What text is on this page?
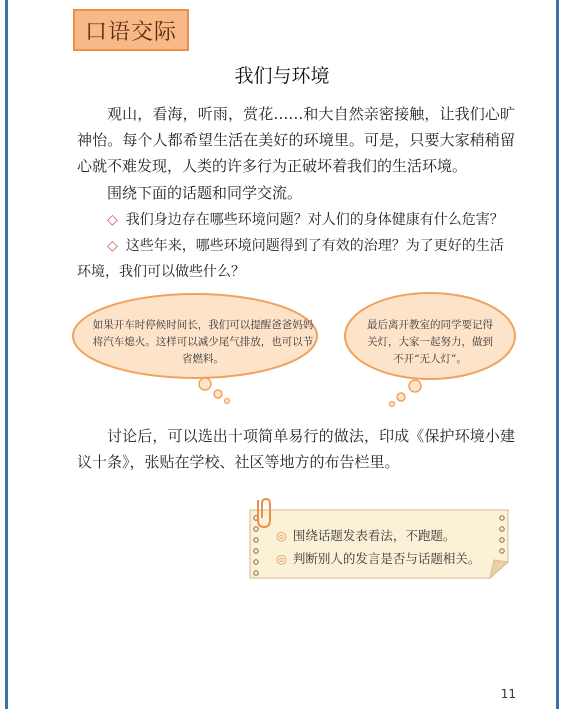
口语交际
我们与环境
观山，看海，听雨，赏花……和大自然亲密接触，让我们心旷神怡。每个人都希望生活在美好的环境里。可是，只要大家稍稍留心就不难发现，人类的许多行为正破坏着我们的生活环境。
围绕下面的话题和同学交流。
◇ 我们身边存在哪些环境问题？对人们的身体健康有什么危害？
◇ 这些年来，哪些环境问题得到了有效的治理？为了更好的生活环境，我们可以做些什么？
如果开车时停候时间长，我们可以提醒爸爸妈妈将汽车熄火。这样可以减少尾气排放，也可以节省燃料。
最后离开教室的同学要记得关灯，大家一起努力，做到不开“无人灯”。
讨论后，可以选出十项简单易行的做法，印成《保护环境小建议十条》，张贴在学校、社区等地方的布告栏里。
◎ 围绕话题发表看法，不跑题。
◎ 判断别人的发言是否与话题相关。
11
